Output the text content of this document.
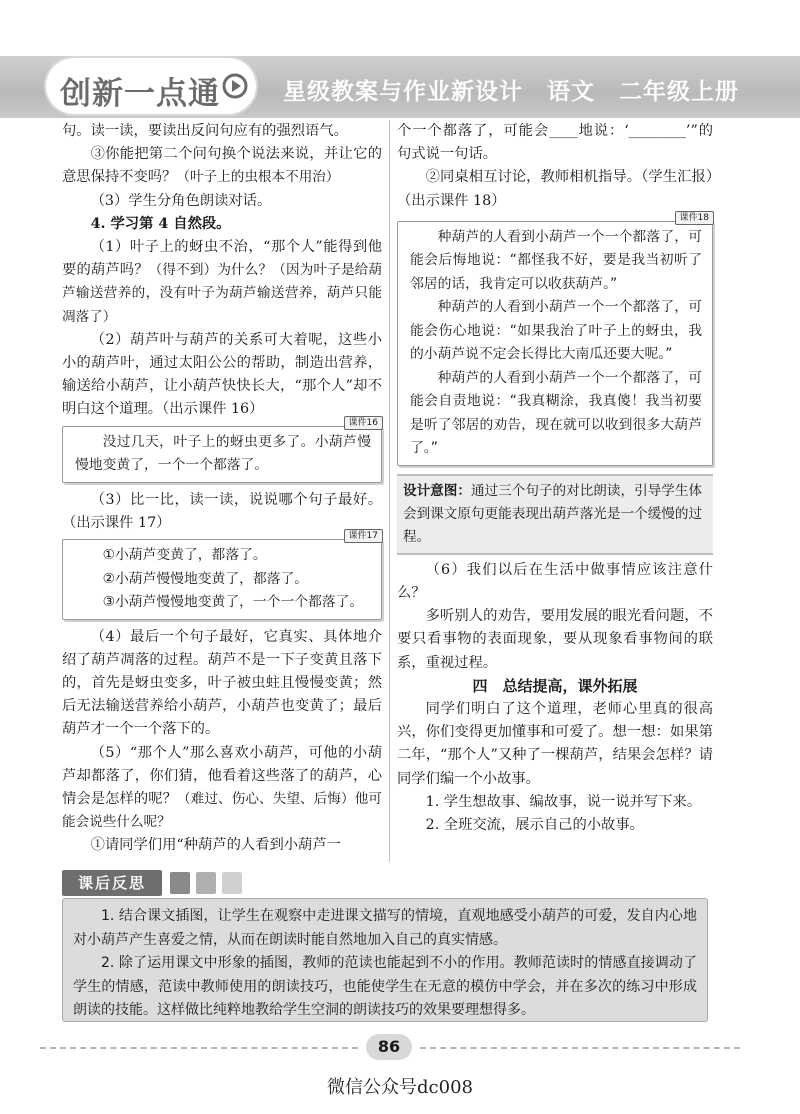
创新一点通	星级教案与作业新设计　语文　二年级上册

句。读一读，要读出反问句应有的强烈语气。

③你能把第二个问句换个说法来说，并让它的意思保持不变吗？（叶子上的虫根本不用治）

（3）学生分角色朗读对话。

4. 学习第 4 自然段。

（1）叶子上的蚜虫不治，“那个人”能得到他要的葫芦吗？（得不到）为什么？（因为叶子是给葫芦输送营养的，没有叶子为葫芦输送营养，葫芦只能凋落了）

（2）葫芦叶与葫芦的关系可大着呢，这些小小的葫芦叶，通过太阳公公的帮助，制造出营养，输送给小葫芦，让小葫芦快快长大，“那个人”却不明白这个道理。（出示课件 16）

课件16

没过几天，叶子上的蚜虫更多了。小葫芦慢慢地变黄了，一个一个都落了。

（3）比一比，读一读，说说哪个句子最好。（出示课件 17）

课件17

①小葫芦变黄了，都落了。

②小葫芦慢慢地变黄了，都落了。

③小葫芦慢慢地变黄了，一个一个都落了。

（4）最后一个句子最好，它真实、具体地介绍了葫芦凋落的过程。葫芦不是一下子变黄且落下的，首先是蚜虫变多，叶子被虫蛀且慢慢变黄；然后无法输送营养给小葫芦，小葫芦也变黄了；最后葫芦才一个一个落下的。

（5）“那个人”那么喜欢小葫芦，可他的小葫芦却都落了，你们猜，他看着这些落了的葫芦，心情会是怎样的呢？（难过、伤心、失望、后悔）他可能会说些什么呢？

①请同学们用“种葫芦的人看到小葫芦一

个一个都落了，可能会____地说：‘________’”的句式说一句话。

②同桌相互讨论，教师相机指导。（学生汇报）（出示课件 18）

课件18

种葫芦的人看到小葫芦一个一个都落了，可能会后悔地说：“都怪我不好，要是我当初听了邻居的话，我肯定可以收获葫芦。”

种葫芦的人看到小葫芦一个一个都落了，可能会伤心地说：“如果我治了叶子上的蚜虫，我的小葫芦说不定会长得比大南瓜还要大呢。”

种葫芦的人看到小葫芦一个一个都落了，可能会自责地说：“我真糊涂，我真傻！我当初要是听了邻居的劝告，现在就可以收到很多大葫芦了。”

设计意图：通过三个句子的对比朗读，引导学生体会到课文原句更能表现出葫芦落光是一个缓慢的过程。

（6）我们以后在生活中做事情应该注意什么？

多听别人的劝告，要用发展的眼光看问题，不要只看事物的表面现象，要从现象看事物间的联系，重视过程。

四　总结提高，课外拓展

同学们明白了这个道理，老师心里真的很高兴，你们变得更加懂事和可爱了。想一想：如果第二年，“那个人”又种了一棵葫芦，结果会怎样？请同学们编一个小故事。

1. 学生想故事、编故事，说一说并写下来。

2. 全班交流，展示自己的小故事。

课后反思

1. 结合课文插图，让学生在观察中走进课文描写的情境，直观地感受小葫芦的可爱，发自内心地对小葫芦产生喜爱之情，从而在朗读时能自然地加入自己的真实情感。

2. 除了运用课文中形象的插图，教师的范读也能起到不小的作用。教师范读时的情感直接调动了学生的情感，范读中教师使用的朗读技巧，也能使学生在无意的模仿中学会，并在多次的练习中形成朗读的技能。这样做比纯粹地教给学生空洞的朗读技巧的效果要理想得多。

86
微信公众号dc008
